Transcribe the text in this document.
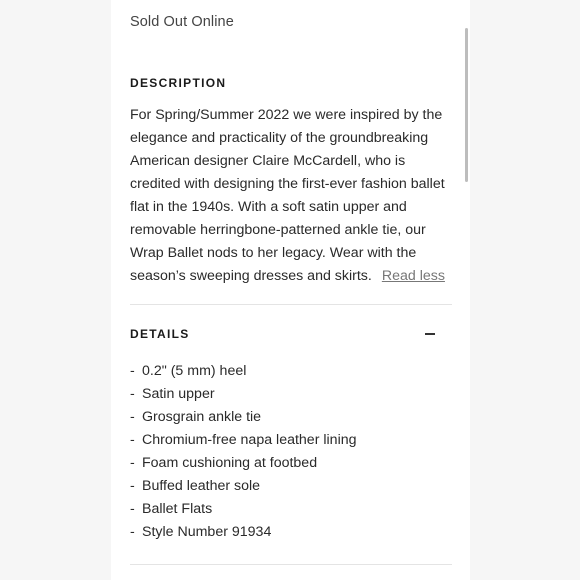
Sold Out Online
DESCRIPTION
For Spring/Summer 2022 we were inspired by the
elegance and practicality of the groundbreaking
American designer Claire McCardell, who is
credited with designing the first-ever fashion ballet
flat in the 1940s. With a soft satin upper and
removable herringbone-patterned ankle tie, our
Wrap Ballet nods to her legacy. Wear with the
season’s sweeping dresses and skirts. Read less
DETAILS
- 0.2" (5 mm) heel
- Satin upper
- Grosgrain ankle tie
- Chromium-free napa leather lining
- Foam cushioning at footbed
- Buffed leather sole
- Ballet Flats
- Style Number 91934
